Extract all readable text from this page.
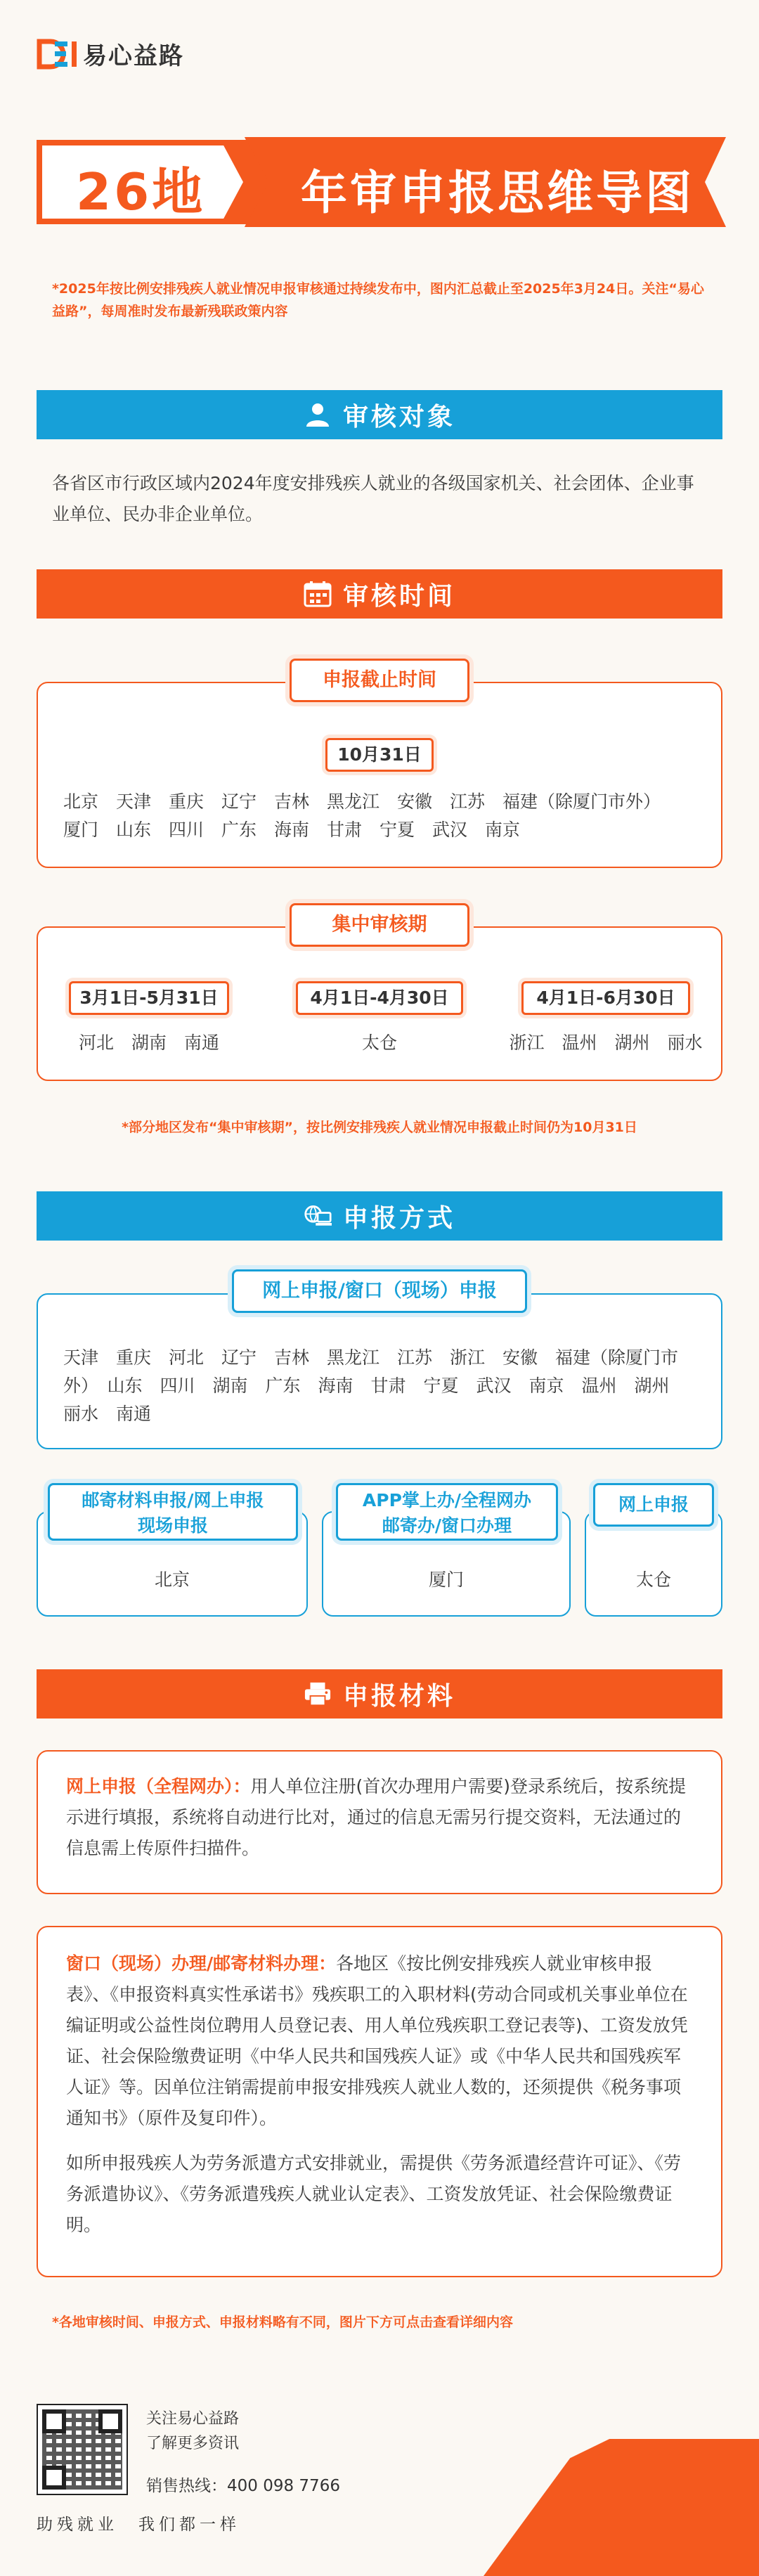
易心益路
26地 年审申报思维导图
*2025年按比例安排残疾人就业情况申报审核通过持续发布中，图内汇总截止至2025年3月24日。关注“易心益路”，每周准时发布最新残联政策内容
审核对象
各省区市行政区域内2024年度安排残疾人就业的各级国家机关、社会团体、企业事业单位、民办非企业单位。
审核时间
申报截止时间
10月31日
北京　天津　重庆　辽宁　吉林　黑龙江　安徽　江苏　福建（除厦门市外）
厦门　山东　四川　广东　海南　甘肃　宁夏　武汉　南京
集中审核期
3月1日-5月31日
河北　湖南　南通
4月1日-4月30日
太仓
4月1日-6月30日
浙江　温州　湖州　丽水
*部分地区发布“集中审核期”，按比例安排残疾人就业情况申报截止时间仍为10月31日
申报方式
网上申报/窗口（现场）申报
天津　重庆　河北　辽宁　吉林　黑龙江　江苏　浙江　安徽　福建（除厦门市
外）　山东　四川　湖南　广东　海南　甘肃　宁夏　武汉　南京　温州　湖州
丽水　南通
邮寄材料申报/网上申报
现场申报
北京
APP掌上办/全程网办
邮寄办/窗口办理
厦门
网上申报
太仓
申报材料
网上申报（全程网办）：用人单位注册(首次办理用户需要)登录系统后，按系统提示进行填报，系统将自动进行比对，通过的信息无需另行提交资料，无法通过的信息需上传原件扫描件。
窗口（现场）办理/邮寄材料办理：各地区《按比例安排残疾人就业审核申报表》、《申报资料真实性承诺书》残疾职工的入职材料(劳动合同或机关事业单位在编证明或公益性岗位聘用人员登记表、用人单位残疾职工登记表等)、工资发放凭证、社会保险缴费证明《中华人民共和国残疾人证》或《中华人民共和国残疾军人证》等。因单位注销需提前申报安排残疾人就业人数的，还须提供《税务事项通知书》（原件及复印件）。
如所申报残疾人为劳务派遣方式安排就业，需提供《劳务派遣经营许可证》、《劳务派遣协议》、《劳务派遣残疾人就业认定表》、工资发放凭证、社会保险缴费证明。
*各地审核时间、申报方式、申报材料略有不同，图片下方可点击查看详细内容
关注易心益路
了解更多资讯
销售热线：400 098 7766
助残就业　我们都一样
